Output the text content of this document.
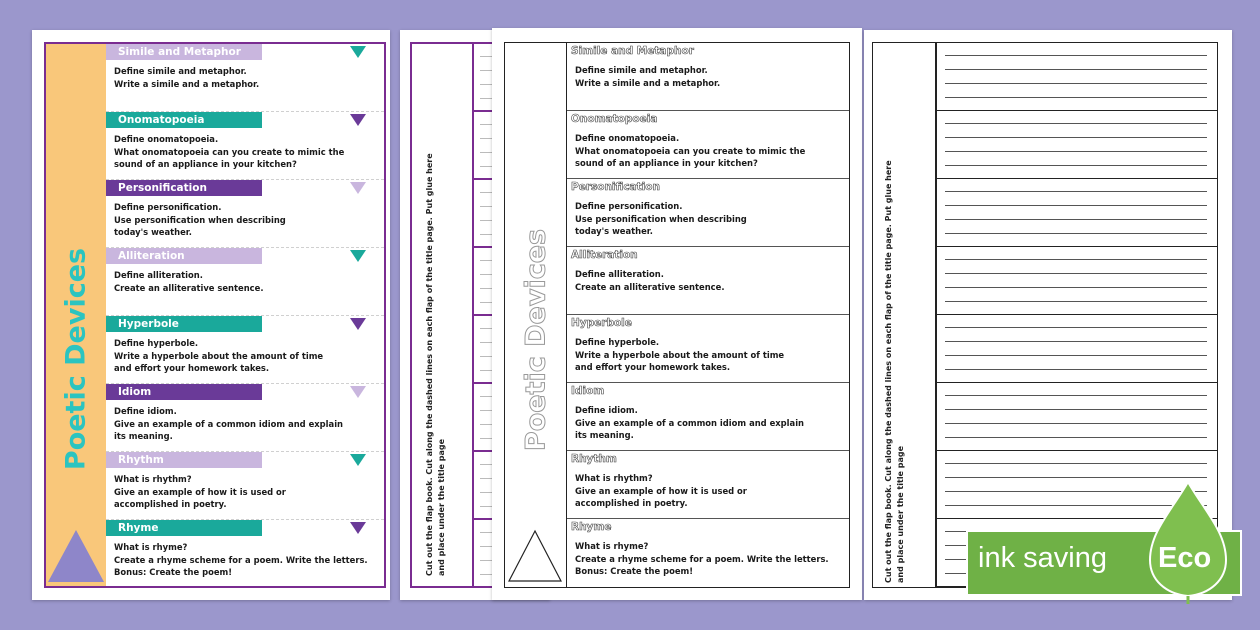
Poetic Devices
Simile and Metaphor
Define simile and metaphor.
Write a simile and a metaphor.
Onomatopoeia
Define onomatopoeia.
What onomatopoeia can you create to mimic the
sound of an appliance in your kitchen?
Personification
Define personification.
Use personification when describing
today's weather.
Alliteration
Define alliteration.
Create an alliterative sentence.
Hyperbole
Define hyperbole.
Write a hyperbole about the amount of time
and effort your homework takes.
Idiom
Define idiom.
Give an example of a common idiom and explain
its meaning.
Rhythm
What is rhythm?
Give an example of how it is used or
accomplished in poetry.
Rhyme
What is rhyme?
Create a rhyme scheme for a poem. Write the letters.
Bonus: Create the poem!	Cut out the flap book. Cut along the dashed lines on each flap of the title page. Put glue here and place under the title page
Poetic Devices
Simile and Metaphor
Define simile and metaphor.
Write a simile and a metaphor.
Onomatopoeia
Define onomatopoeia.
What onomatopoeia can you create to mimic the
sound of an appliance in your kitchen?
Personification
Define personification.
Use personification when describing
today's weather.
Alliteration
Define alliteration.
Create an alliterative sentence.
Hyperbole
Define hyperbole.
Write a hyperbole about the amount of time
and effort your homework takes.
Idiom
Define idiom.
Give an example of a common idiom and explain
its meaning.
Rhythm
What is rhythm?
Give an example of how it is used or
accomplished in poetry.
Rhyme
What is rhyme?
Create a rhyme scheme for a poem. Write the letters.
Bonus: Create the poem!	Cut out the flap book. Cut along the dashed lines on each flap of the title page. Put glue here and place under the title page	ink saving Eco
